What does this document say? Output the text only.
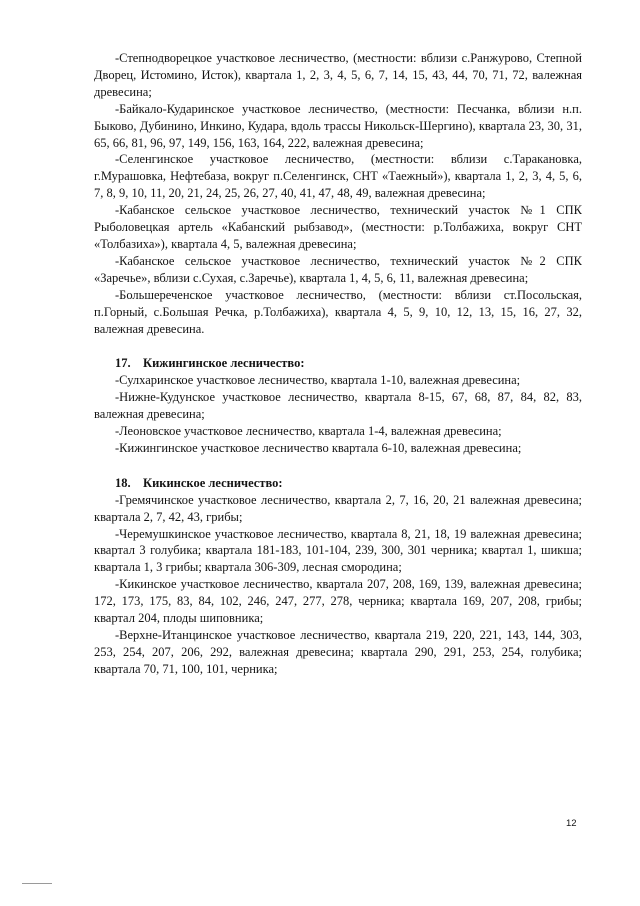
-Степнодворецкое участковое лесничество, (местности: вблизи с.Ранжурово, Степной Дворец, Истомино, Исток), квартала 1, 2, 3, 4, 5, 6, 7, 14, 15, 43, 44, 70, 71, 72, валежная древесина;

-Байкало-Кударинское участковое лесничество, (местности: Песчанка, вблизи н.п. Быково, Дубинино, Инкино, Кудара, вдоль трассы Никольск-Шергино), квартала 23, 30, 31, 65, 66, 81, 96, 97, 149, 156, 163, 164, 222, валежная древесина;

-Селенгинское участковое лесничество, (местности: вблизи с.Таракановка, г.Мурашовка, Нефтебаза, вокруг п.Селенгинск, СНТ «Таежный»), квартала 1, 2, 3, 4, 5, 6, 7, 8, 9, 10, 11, 20, 21, 24, 25, 26, 27, 40, 41, 47, 48, 49, валежная древесина;

-Кабанское сельское участковое лесничество, технический участок №1 СПК Рыболовецкая артель «Кабанский рыбзавод», (местности: р.Толбажиха, вокруг СНТ «Толбазиха»), квартала 4, 5, валежная древесина;

-Кабанское сельское участковое лесничество, технический участок №2 СПК «Заречье», вблизи с.Сухая, с.Заречье), квартала 1, 4, 5, 6, 11, валежная древесина;

-Большереченское участковое лесничество, (местности: вблизи ст.Посольская, п.Горный, с.Большая Речка, р.Толбажиха), квартала 4, 5, 9, 10, 12, 13, 15, 16, 27, 32, валежная древесина.

17. Кижингинское лесничество:

-Сулхаринское участковое лесничество, квартала 1-10, валежная древесина;

-Нижне-Кудунское участковое лесничество, квартала 8-15, 67, 68, 87, 84, 82, 83, валежная древесина;

-Леоновское участковое лесничество, квартала 1-4, валежная древесина;

-Кижингинское участковое лесничество квартала 6-10, валежная древесина;

18. Кикинское лесничество:

-Гремячинское участковое лесничество, квартала 2, 7, 16, 20, 21 валежная древесина; квартала 2, 7, 42, 43, грибы;

-Черемушкинское участковое лесничество, квартала 8, 21, 18, 19 валежная древесина; квартал 3 голубика; квартала 181-183, 101-104, 239, 300, 301 черника; квартал 1, шикша; квартала 1, 3 грибы; квартала 306-309, лесная смородина;

-Кикинское участковое лесничество, квартала 207, 208, 169, 139, валежная древесина; 172, 173, 175, 83, 84, 102, 246, 247, 277, 278, черника; квартала 169, 207, 208, грибы; квартал 204, плоды шиповника;

-Верхне-Итанцинское участковое лесничество, квартала 219, 220, 221, 143, 144, 303, 253, 254, 207, 206, 292, валежная древесина; квартала 290, 291, 253, 254, голубика; квартала 70, 71, 100, 101, черника;

12
